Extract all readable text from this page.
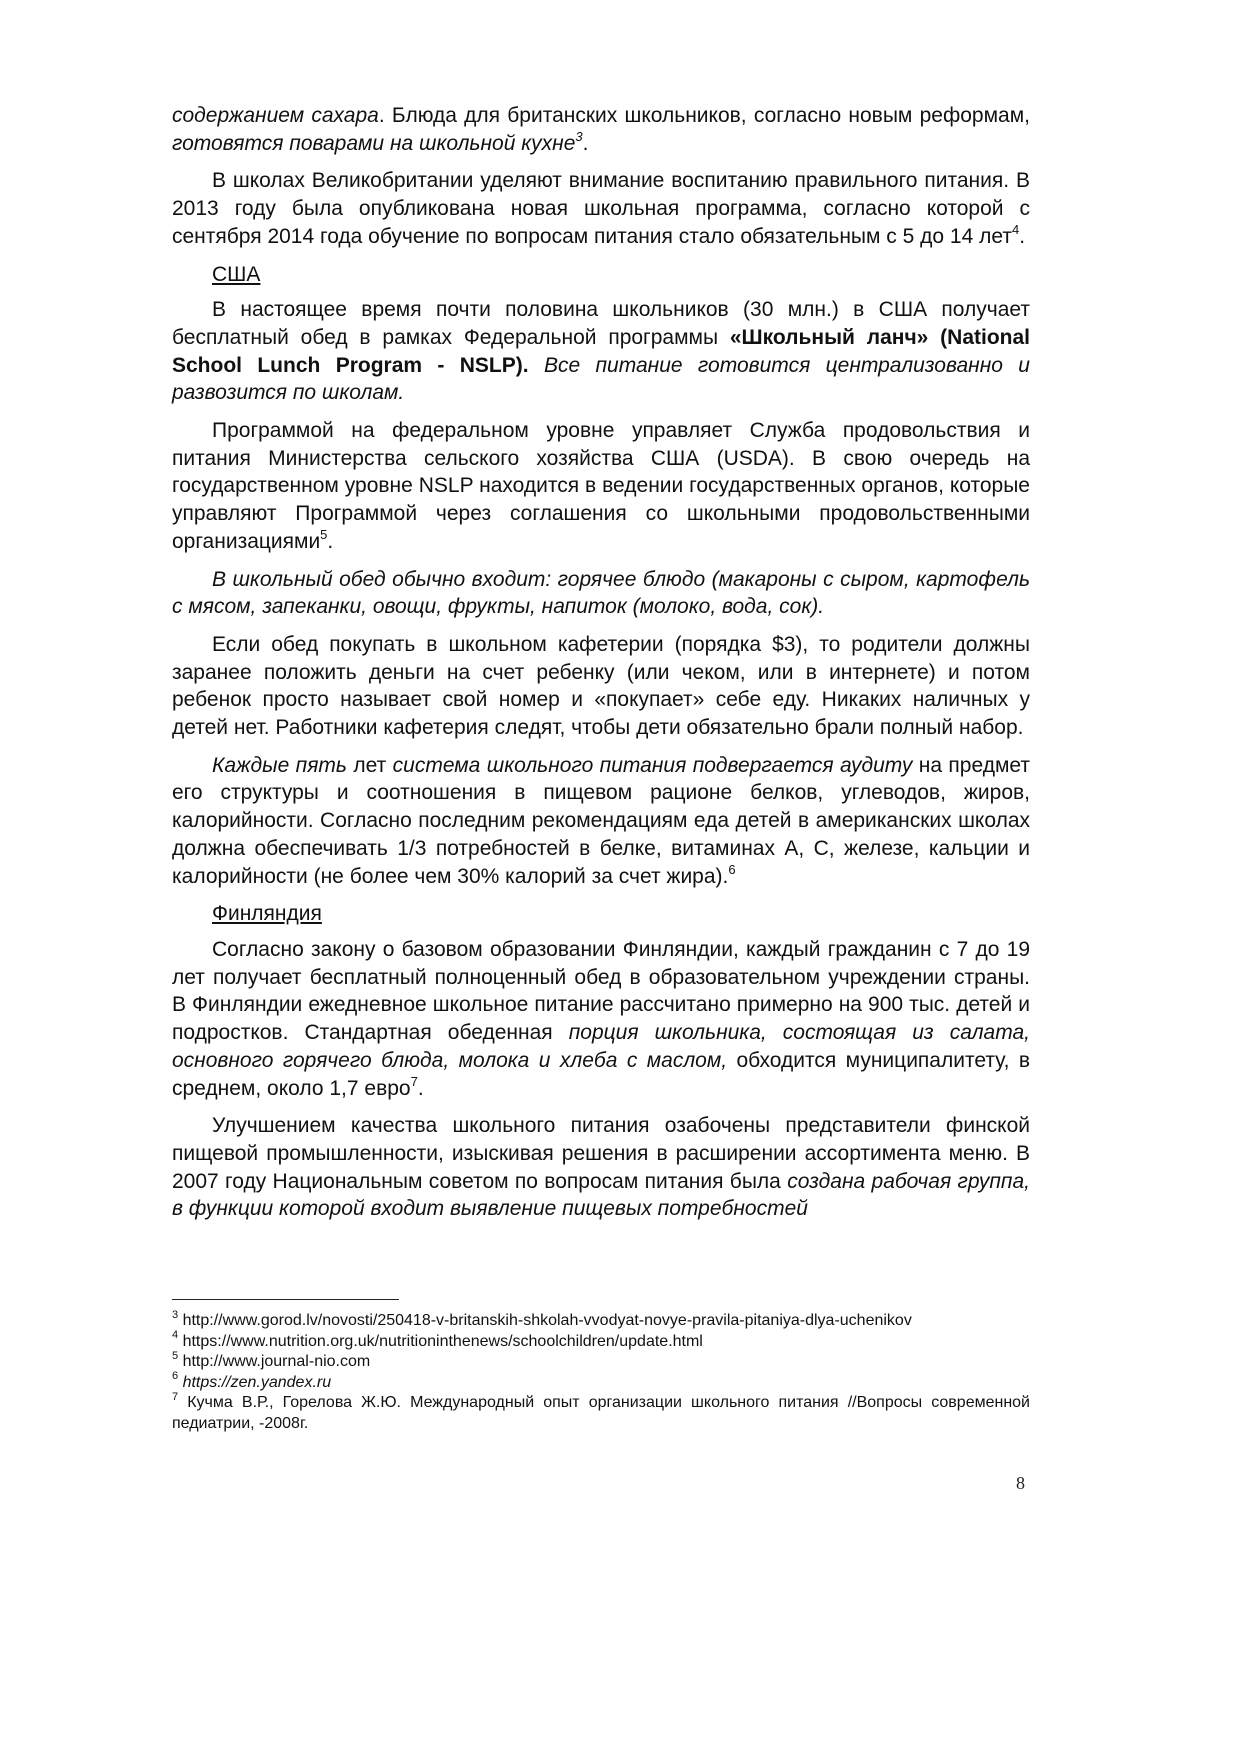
содержанием сахара. Блюда для британских школьников, согласно новым реформам, готовятся поварами на школьной кухне$^3$.

В школах Великобритании уделяют внимание воспитанию правильного питания. В 2013 году была опубликована новая школьная программа, согласно которой с сентября 2014 года обучение по вопросам питания стало обязательным с 5 до 14 лет$^4$.

США

В настоящее время почти половина школьников (30 млн.) в США получает бесплатный обед в рамках Федеральной программы «Школьный ланч» (National School Lunch Program - NSLP). Все питание готовится централизованно и развозится по школам.

Программой на федеральном уровне управляет Служба продовольствия и питания Министерства сельского хозяйства США (USDA). В свою очередь на государственном уровне NSLP находится в ведении государственных органов, которые управляют Программой через соглашения со школьными продовольственными организациями$^5$.

В школьный обед обычно входит: горячее блюдо (макароны с сыром, картофель с мясом, запеканки, овощи, фрукты, напиток (молоко, вода, сок).

Если обед покупать в школьном кафетерии (порядка $3), то родители должны заранее положить деньги на счет ребенку (или чеком, или в интернете) и потом ребенок просто называет свой номер и «покупает» себе еду. Никаких наличных у детей нет. Работники кафетерия следят, чтобы дети обязательно брали полный набор.

Каждые пять лет система школьного питания подвергается аудиту на предмет его структуры и соотношения в пищевом рационе белков, углеводов, жиров, калорийности. Согласно последним рекомендациям еда детей в американских школах должна обеспечивать 1/3 потребностей в белке, витаминах А, С, железе, кальции и калорийности (не более чем 30% калорий за счет жира).$^6$

Финляндия

Согласно закону о базовом образовании Финляндии, каждый гражданин с 7 до 19 лет получает бесплатный полноценный обед в образовательном учреждении страны. В Финляндии ежедневное школьное питание рассчитано примерно на 900 тыс. детей и подростков. Стандартная обеденная порция школьника, состоящая из салата, основного горячего блюда, молока и хлеба с маслом, обходится муниципалитету, в среднем, около 1,7 евро$^7$.

Улучшением качества школьного питания озабочены представители финской пищевой промышленности, изыскивая решения в расширении ассортимента меню. В 2007 году Национальным советом по вопросам питания была создана рабочая группа, в функции которой входит выявление пищевых потребностей

$^3$ http://www.gorod.lv/novosti/250418-v-britanskih-shkolah-vvodyat-novye-pravila-pitaniya-dlya-uchenikov

$^4$ https://www.nutrition.org.uk/nutritioninthenews/schoolchildren/update.html

$^5$ http://www.journal-nio.com

$^6$ https://zen.yandex.ru

$^7$ Кучма В.Р., Горелова Ж.Ю. Международный опыт организации школьного питания //Вопросы современной педиатрии, -2008г.

8
